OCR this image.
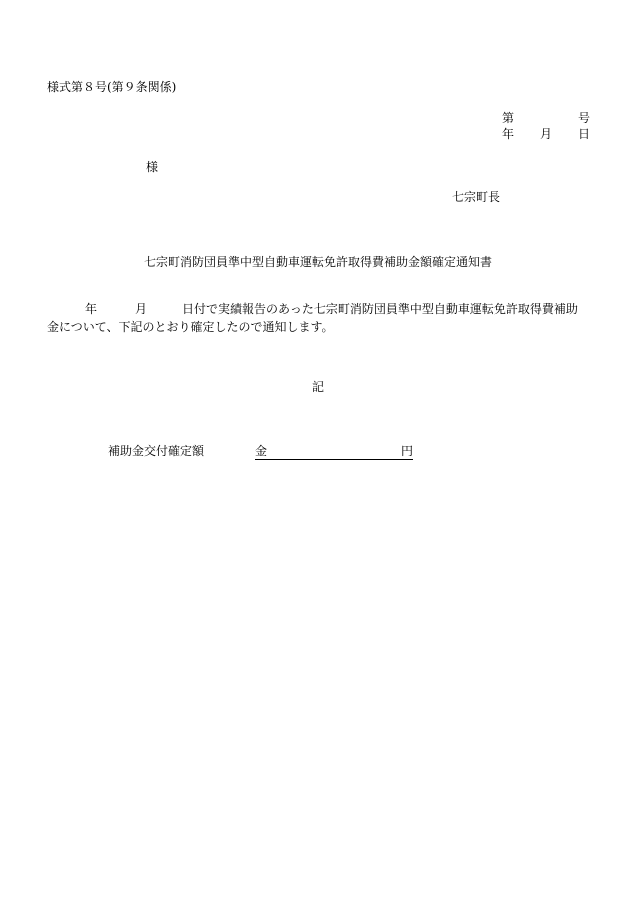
様式第８号(第９条関係)
第	号
年 月 日
様
七宗町長
七宗町消防団員準中型自動車運転免許取得費補助金額確定通知書
年	月	日付で実績報告のあった七宗町消防団員準中型自動車運転免許取得費補助
金について、下記のとおり確定したので通知します。
記
補助金交付確定額	金	円
